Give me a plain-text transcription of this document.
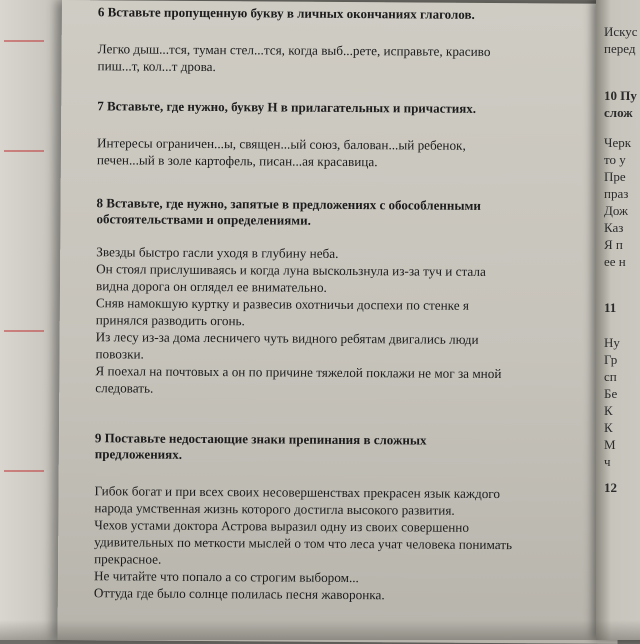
6 Вставьте пропущенную букву в личных окончаниях глаголов.

Легко дыш...тся, туман стел...тся, когда выб...рете, исправьте, красиво

пиш...т, кол...т дрова.

7 Вставьте, где нужно, букву Н в прилагательных и причастиях.

Интересы ограничен...ы, священ...ый союз, балован...ый ребенок,

печен...ый в золе картофель, писан...ая красавица.

8 Вставьте, где нужно, запятые в предложениях с обособленными

обстоятельствами и определениями.

Звезды быстро гасли уходя в глубину неба.

Он стоял прислушиваясь и когда луна выскользнула из-за туч и стала

видна дорога он оглядел ее внимательно.

Сняв намокшую куртку и развесив охотничьи доспехи по стенке я

принялся разводить огонь.

Из лесу из-за дома лесничего чуть видного ребятам двигались люди

повозки.

Я поехал на почтовых а он по причине тяжелой поклажи не мог за мной

следовать.

9 Поставьте недостающие знаки препинания в сложных

предложениях.

Гибок богат и при всех своих несовершенствах прекрасен язык каждого

народа умственная жизнь которого достигла высокого развития.

Чехов устами доктора Астрова выразил одну из своих совершенно

удивительных по меткости мыслей о том что леса учат человека понимать

прекрасное.

Не читайте что попало а со строгим выбором...

Оттуда где было солнце полилась песня жаворонка.

Искус
перед
10 Пу
слож
Черк
то у
Пре
праз
Дож
Каз
Я п
ее н
11
Ну
Гр
сп
Бе
К
К
М
ч
12
